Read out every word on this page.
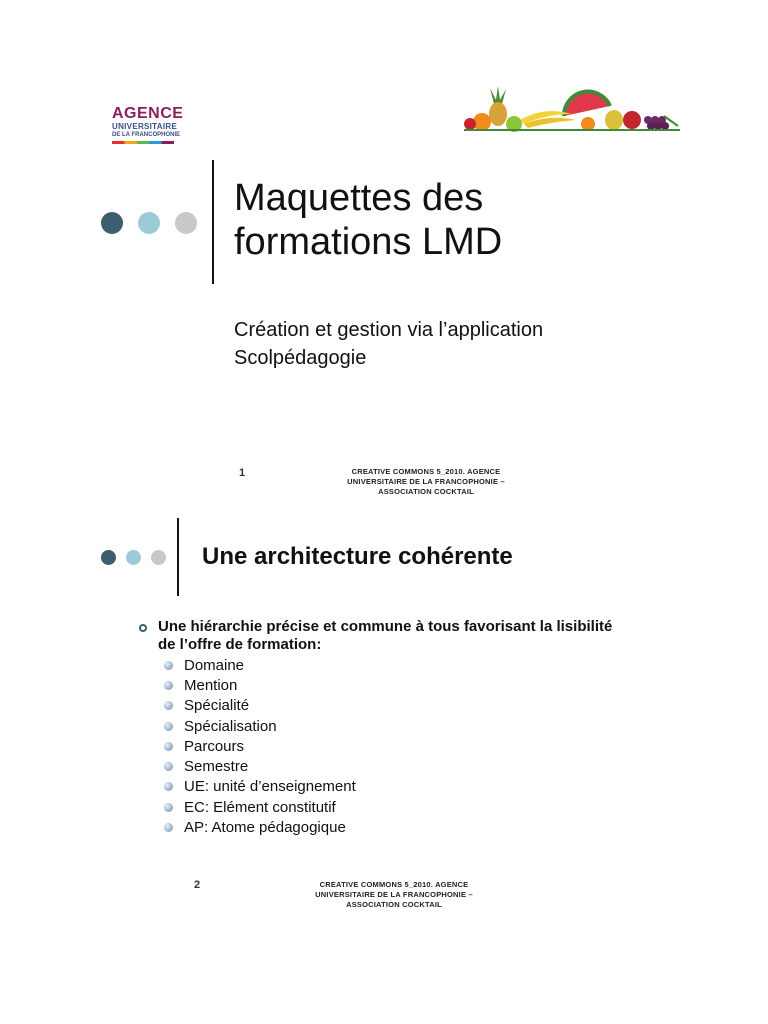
AGENCE
UNIVERSITAIRE
DE LA FRANCOPHONIE
Maquettes des
formations LMD
Création et gestion via l’application
Scolpédagogie
1	CREATIVE COMMONS 5_2010. AGENCE
UNIVERSITAIRE DE LA FRANCOPHONIE –
ASSOCIATION COCKTAIL
Une architecture cohérente
Une hiérarchie précise et commune à tous favorisant la lisibilité
de l’offre de formation:
Domaine
Mention
Spécialité
Spécialisation
Parcours
Semestre
UE: unité d’enseignement
EC: Elément constitutif
AP: Atome pédagogique
2	CREATIVE COMMONS 5_2010. AGENCE
UNIVERSITAIRE DE LA FRANCOPHONIE –
ASSOCIATION COCKTAIL
